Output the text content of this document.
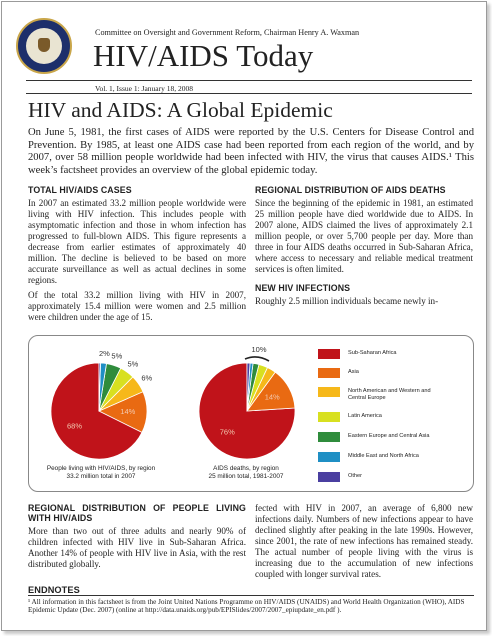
Committee on Oversight and Government Reform, Chairman Henry A. Waxman
HIV/AIDS Today
Vol. 1, Issue 1: January 18, 2008
HIV and AIDS: A Global Epidemic
On June 5, 1981, the first cases of AIDS were reported by the U.S. Centers for Disease Control and Prevention. By 1985, at least one AIDS case had been reported from each region of the world, and by 2007, over 58 million people worldwide had been infected with HIV, the virus that causes AIDS.¹ This week’s factsheet provides an overview of the global epidemic today.
TOTAL HIV/AIDS CASES

In 2007 an estimated 33.2 million people worldwide were living with HIV infection. This includes people with asymptomatic infection and those in whom infection has progressed to full-blown AIDS. This figure represents a decrease from earlier estimates of approximately 40 million. The decline is believed to be based on more accurate surveillance as well as actual declines in some regions.

Of the total 33.2 million living with HIV in 2007, approximately 15.4 million were women and 2.5 million were children under the age of 15.

REGIONAL DISTRIBUTION OF AIDS DEATHS

Since the beginning of the epidemic in 1981, an estimated 25 million people have died worldwide due to AIDS. In 2007 alone, AIDS claimed the lives of approximately 2.1 million people, or over 5,700 people per day. More than three in four AIDS deaths occurred in Sub-Saharan Africa, where access to necessary and reliable medical treatment services is often limited.

NEW HIV INFECTIONS

Roughly 2.5 million individuals became newly in-

68%
14%
6%
5%
5%
2%
76%
14%
10%
People living with HIV/AIDS, by region
33.2 million total in 2007
AIDS deaths, by region
25 million total, 1981-2007
Sub-Saharan Africa
Asia
North American and Western and Central Europe
Latin America
Eastern Europe and Central Asia
Middle East and North Africa
Other
REGIONAL DISTRIBUTION OF PEOPLE LIVING WITH HIV/AIDS

More than two out of three adults and nearly 90% of children infected with HIV live in Sub-Saharan Africa. Another 14% of people with HIV live in Asia, with the rest distributed globally.

fected with HIV in 2007, an average of 6,800 new infections daily. Numbers of new infections appear to have declined slightly after peaking in the late 1990s. However, since 2001, the rate of new infections has remained steady. The actual number of people living with the virus is increasing due to the accumulation of new infections coupled with longer survival rates.

ENDNOTES
¹ All information in this factsheet is from the Joint United Nations Programme on HIV/AIDS (UNAIDS) and World Health Organization (WHO), AIDS Epidemic Update (Dec. 2007) (online at http://data.unaids.org/pub/EPISlides/2007/2007_epiupdate_en.pdf ).
